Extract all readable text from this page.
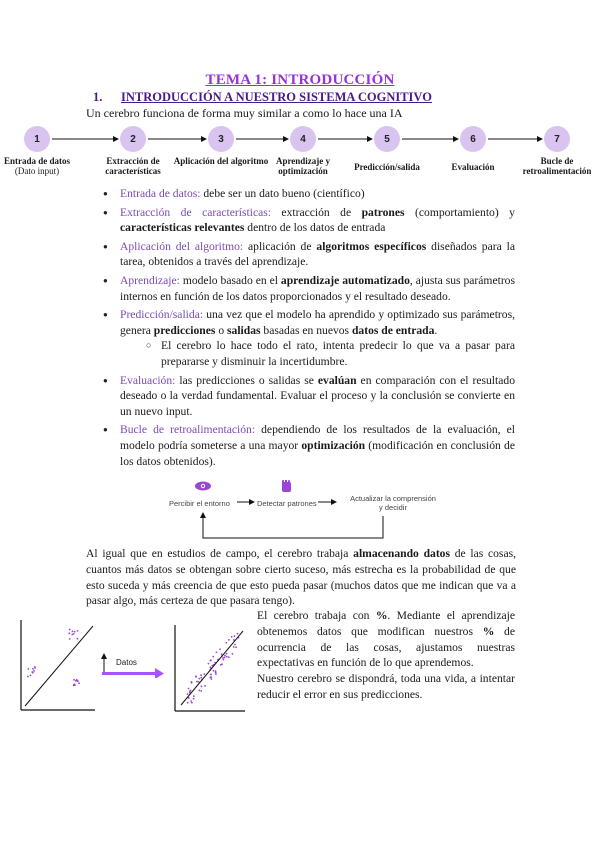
TEMA 1: INTRODUCCIÓN
1. INTRODUCCIÓN A NUESTRO SISTEMA COGNITIVO
Un cerebro funciona de forma muy similar a como lo hace una IA
1	2	3	4	5	6	7
Entrada de datos
(Dato input)
Extracción de características
Aplicación del algoritmo Aprendizaje y optimización	Predicción/salida	Evaluación
Bucle de retroalimentación
● Entrada de datos: debe ser un dato bueno (científico)
● Extracción de características: extracción de patrones (comportamiento) y características relevantes dentro de los datos de entrada
● Aplicación del algoritmo: aplicación de algoritmos específicos diseñados para la tarea, obtenidos a través del aprendizaje.
● Aprendizaje: modelo basado en el aprendizaje automatizado, ajusta sus parámetros internos en función de los datos proporcionados y el resultado deseado.
● Predicción/salida: una vez que el modelo ha aprendido y optimizado sus parámetros, genera predicciones o salidas basadas en nuevos datos de entrada.
○ El cerebro lo hace todo el rato, intenta predecir lo que va a pasar para prepararse y disminuir la incertidumbre.
● Evaluación: las predicciones o salidas se evalúan en comparación con el resultado deseado o la verdad fundamental. Evaluar el proceso y la conclusión se convierte en un nuevo input.
● Bucle de retroalimentación: dependiendo de los resultados de la evaluación, el modelo podría someterse a una mayor optimización (modificación en conclusión de los datos obtenidos).
Percibir el entorno	Detectar patrones
Actualizar la comprensión
y decidir
Al igual que en estudios de campo, el cerebro trabaja almacenando datos de las cosas, cuantos más datos se obtengan sobre cierto suceso, más estrecha es la probabilidad de que esto suceda y más creencia de que esto pueda pasar (muchos datos que me indican que va a pasar algo, más certeza de que pasara tengo).
El cerebro trabaja con %. Mediante el aprendizaje obtenemos datos que modifican nuestros % de ocurrencia de las cosas, ajustamos nuestras expectativas en función de lo que aprendemos.
Nuestro cerebro se dispondrá, toda una vida, a intentar reducir el error en sus predicciones.
Datos
